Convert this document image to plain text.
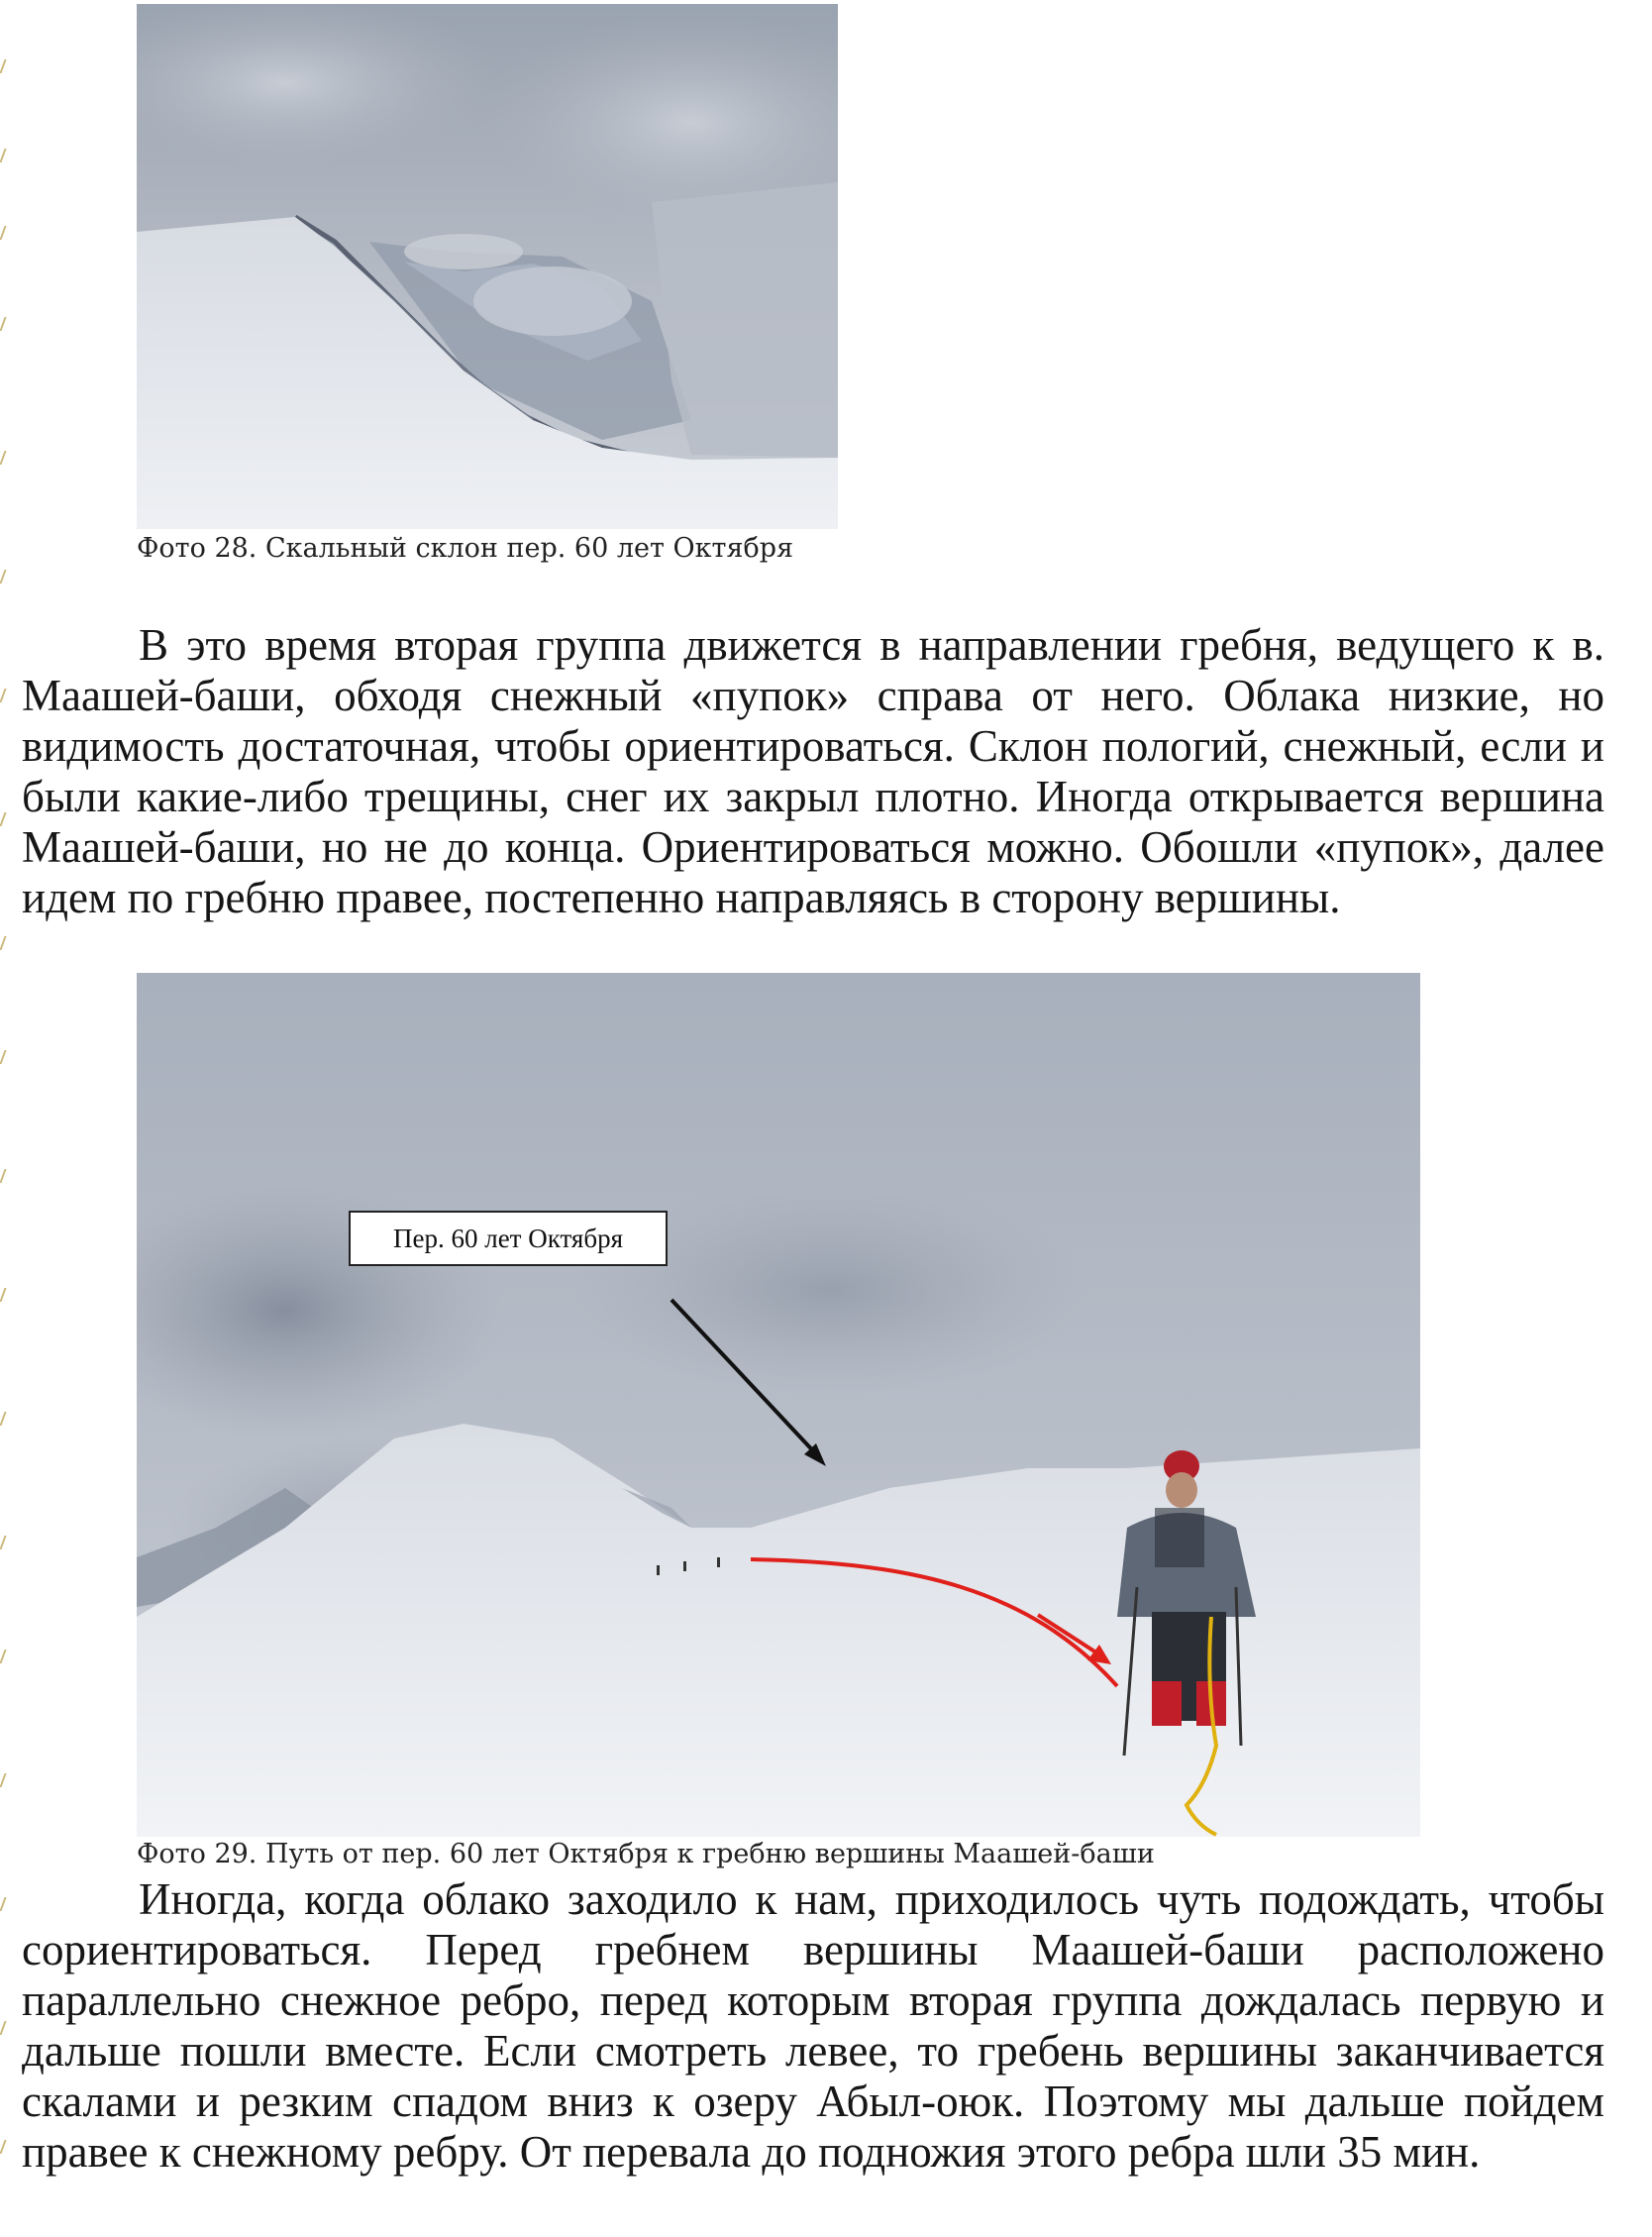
Фото 28. Скальный склон пер. 60 лет Октября
В это время вторая группа движется в направлении гребня, ведущего к в. Маашей-баши, обходя снежный «пупок» справа от него. Облака низкие, но видимость достаточная, чтобы ориентироваться. Склон пологий, снежный, если и были какие-либо трещины, снег их закрыл плотно. Иногда открывается вершина Маашей-баши, но не до конца. Ориентироваться можно. Обошли «пупок», далее идем по гребню правее, постепенно направляясь в сторону вершины.
Пер. 60 лет Октября
Фото 29. Путь от пер. 60 лет Октября к гребню вершины Маашей-баши
Иногда, когда облако заходило к нам, приходилось чуть подождать, чтобы сориентироваться. Перед гребнем вершины Маашей-баши расположено параллельно снежное ребро, перед которым вторая группа дождалась первую и дальше пошли вместе. Если смотреть левее, то гребень вершины заканчивается скалами и резким спадом вниз к озеру Абыл-оюк. Поэтому мы дальше пойдем правее к снежному ребру. От перевала до подножия этого ребра шли 35 мин.
